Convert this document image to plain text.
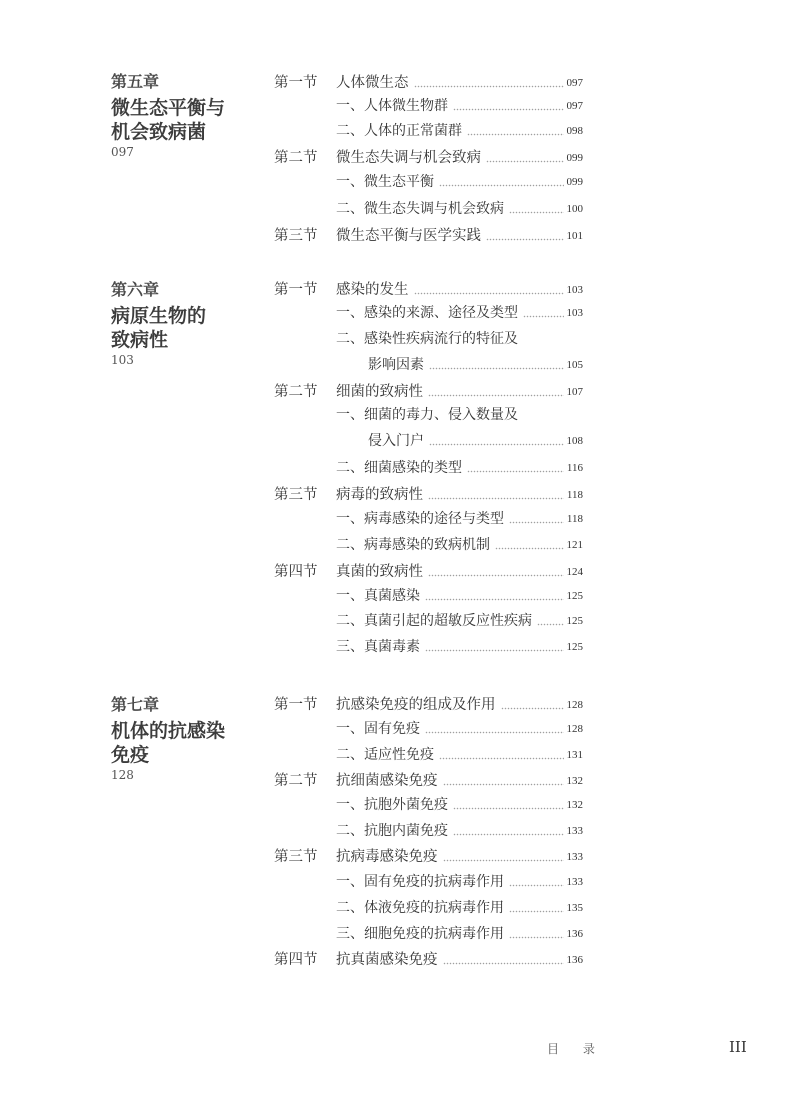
第五章
微生态平衡与
机会致病菌
097
第一节 人体微生态	097
一、人体微生物群	097
二、人体的正常菌群	098
第二节 微生态失调与机会致病	099
一、微生态平衡	099
二、微生态失调与机会致病	100
第三节 微生态平衡与医学实践	101
第六章
病原生物的
致病性
103
第一节 感染的发生	103
一、感染的来源、途径及类型	103
二、感染性疾病流行的特征及
影响因素	105
第二节 细菌的致病性	107
一、细菌的毒力、侵入数量及
侵入门户	108
二、细菌感染的类型	116
第三节 病毒的致病性	118
一、病毒感染的途径与类型	118
二、病毒感染的致病机制	121
第四节 真菌的致病性	124
一、真菌感染	125
二、真菌引起的超敏反应性疾病	125
三、真菌毒素	125
第七章
机体的抗感染
免疫
128
第一节 抗感染免疫的组成及作用	128
一、固有免疫	128
二、适应性免疫	131
第二节 抗细菌感染免疫	132
一、抗胞外菌免疫	132
二、抗胞内菌免疫	133
第三节 抗病毒感染免疫	133
一、固有免疫的抗病毒作用	133
二、体液免疫的抗病毒作用	135
三、细胞免疫的抗病毒作用	136
第四节 抗真菌感染免疫	136
目 录	III
